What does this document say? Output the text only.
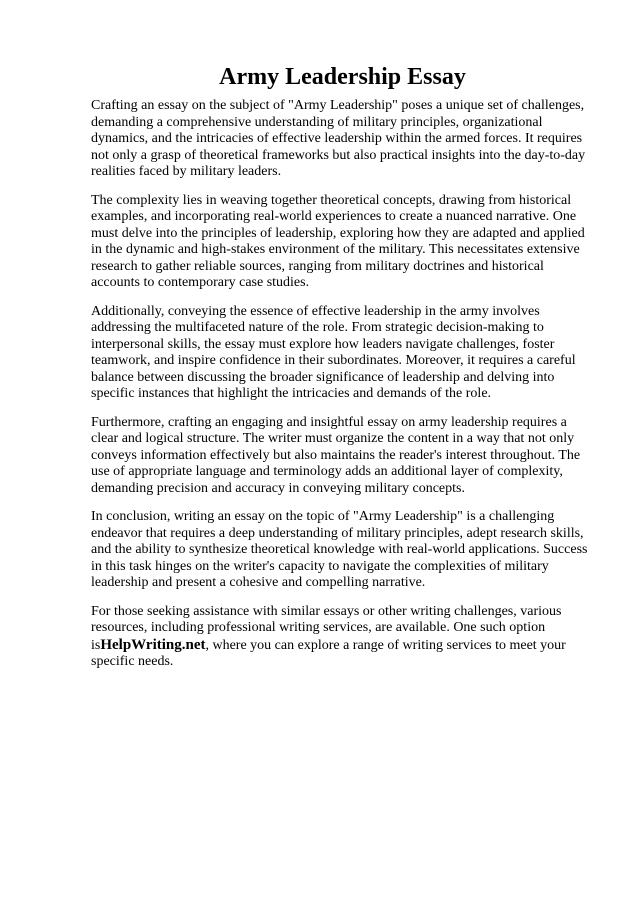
Army Leadership Essay

Crafting an essay on the subject of "Army Leadership" poses a unique set of challenges, demanding a comprehensive understanding of military principles, organizational dynamics, and the intricacies of effective leadership within the armed forces. It requires not only a grasp of theoretical frameworks but also practical insights into the day-to-day realities faced by military leaders.

The complexity lies in weaving together theoretical concepts, drawing from historical examples, and incorporating real-world experiences to create a nuanced narrative. One must delve into the principles of leadership, exploring how they are adapted and applied in the dynamic and high-stakes environment of the military. This necessitates extensive research to gather reliable sources, ranging from military doctrines and historical accounts to contemporary case studies.

Additionally, conveying the essence of effective leadership in the army involves addressing the multifaceted nature of the role. From strategic decision-making to interpersonal skills, the essay must explore how leaders navigate challenges, foster teamwork, and inspire confidence in their subordinates. Moreover, it requires a careful balance between discussing the broader significance of leadership and delving into specific instances that highlight the intricacies and demands of the role.

Furthermore, crafting an engaging and insightful essay on army leadership requires a clear and logical structure. The writer must organize the content in a way that not only conveys information effectively but also maintains the reader's interest throughout. The use of appropriate language and terminology adds an additional layer of complexity, demanding precision and accuracy in conveying military concepts.

In conclusion, writing an essay on the topic of "Army Leadership" is a challenging endeavor that requires a deep understanding of military principles, adept research skills, and the ability to synthesize theoretical knowledge with real-world applications. Success in this task hinges on the writer's capacity to navigate the complexities of military leadership and present a cohesive and compelling narrative.

For those seeking assistance with similar essays or other writing challenges, various resources, including professional writing services, are available. One such option isHelpWriting.net, where you can explore a range of writing services to meet your specific needs.
